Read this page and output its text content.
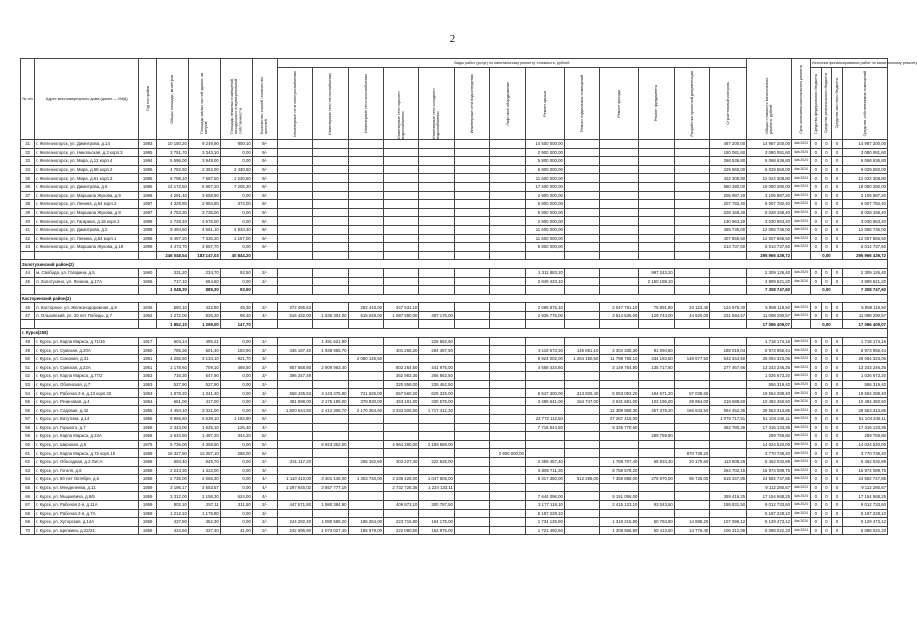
2
№ п/п	Адрес многоквартирного дома (далее — МКД)	Год постройки	Общая площадь, кв.метров	Площадь жилых частей здания, кв. метров	Площадь нежилых помещений, находящихся в муниципальной собственности	Количество этажей / количество жителей	Виды работ (услуг) по капитальному ремонту, стоимость, рублей													Общая стоимость капитального ремонта, рублей	Срок окончания капитального ремонта	Источник финансирования работ по капитальному ремонту			

							Инженерные сети электроснабжения	Инженерные сети теплоснабжения	Инженерные сети газоснабжения	Инженерные сети горячего водоснабжения	Инженерные сети холодного водоснабжения	Инженерные сети водоотведения	Лифтовое оборудование	Ремонт крыши	Ремонт подвальных помещений	Ремонт фасада	Ремонт фундамента	Разработка проектной документации	Строительный контроль			Средства федерального бюджета	Средства регионального бюджета	Средства местного бюджета	Средства собственников помещений

31	г. Железногорск, ул. Димитрова, д.14	1993	10 150,20	9 249,90	900,10	9/-								14 500 000,00					487 200,00	14 987 200,00	4кв.2024	0	0	0	14 987 200,00
32	г. Железногорск, ул. Никольская, д.3 корп.3	1985	3 751,70	3 343,10	0,00	9/-								2 900 000,00					180 081,60	3 080 081,60	4кв.2024	0	0	0	3 080 081,60
33	г. Железногорск, ул. Мира, д.12 корп.4	1994	5 596,00	3 949,00	0,00	9/-								5 800 000,00					268 636,80	6 068 636,80	4кв.2024	0	0	0	6 068 636,80
34	г. Железногорск, ул. Мира, д.58 корп.2	1995	4 782,50	2 352,00	2 430,50	9/-								5 800 000,00					229 560,00	6 029 560,00	4кв.2024	0	0	0	6 029 560,00
35	г. Железногорск, ул. Мира, д.61 корп.3	1995	8 798,10	7 567,50	1 230,60	9/-								11 600 000,00					422 308,80	12 022 308,80	4кв.2024	0	0	0	12 022 308,80
36	г. Железногорск, ул. Димитрова, д.6	1986	14 172,50	6 967,20	7 205,30	9/-								17 400 000,00					680 280,00	18 080 280,00	4кв.2024	0	0	0	18 080 280,00
37	г. Железногорск, ул. Маршала Жукова, д.9	1996	4 291,40	3 658,90	0,00	9/-								2 900 000,00					205 987,20	3 105 987,20	4кв.2024	0	0	0	3 105 987,20
38	г. Железногорск, ул. Ленина, д.64 корп.2	1997	4 329,80	2 954,80	374,00	9/-								5 800 000,00					207 782,40	6 007 782,40	4кв.2024	0	0	0	6 007 782,40
39	г. Железногорск, ул. Маршала Жукова, д.8	1997	4 753,30	3 735,00	0,00	9/-								5 800 000,00					228 158,40	6 028 158,40	4кв.2024	0	0	0	6 028 158,40
40	г. Железногорск, ул. Гагарина, д.18 корп.2	1998	2 728,40	2 576,00	0,00	9/-								2 900 000,00					130 963,20	3 030 963,20	4кв.2024	0	0	0	3 030 963,20
41	г. Железногорск, ул. Димитрова, д.2	1998	9 494,50	4 661,10	4 833,40	9/-								11 600 000,00					455 736,00	12 055 736,00	4кв.2024	0	0	0	12 055 736,00
42	г. Железногорск, ул. Ленина, д.64 корп.1	1998	8 497,20	7 330,20	1 167,00	9/-								11 600 000,00					407 865,60	12 007 865,60	4кв.2024	0	0	0	12 007 865,60
43	г. Железногорск, ул. Маршала Жукова, д.18	1999	4 473,70	3 967,70	0,00	9/-								5 800 000,00					214 737,60	6 014 737,60	4кв.2024	0	0	0	6 014 737,60
			246 048,54	183 147,03	40 844,20															295 966 439,72		0,00			295 966 439,72
Золотухинский район(2)																									
44	м. Свобода, ул. Гагарина, д.5	1960	331,20	234,70	93,50	2/-								1 311 883,20			997 243,20			2 309 126,40	4кв.2024	0	0	0	2 309 126,40
45	п. Золотухино, ул. Ленина, д.17А	1965	717,10	654,60	0,00	2/-								2 849 433,10			2 150 188,10			4 999 621,20	4кв.2024	0	0	0	4 999 621,20
			1 048,30	889,30	93,50															7 308 747,60		0,00			7 308 747,60
Касторенский район(2)																									
46	п. Касторное, ул. Железнодорожная, д.9	1936	580,10	432,80	49,30	2/-	372 495,63		292 443,00	347 531,10				2 098 876,10		2 047 781,10	75 891,80	23 123,40	124 976,40	5 988 118,50	4кв.2024	0	0	0	5 988 118,50
47	п. Ольховский, ул. 20 лет Победы, д.7	1962	1 272,00	836,20	98,40	4/-	516 432,00	1 535 304,00	615 648,00	1 087 580,00	487 176,00			2 935 776,00		3 514 536,00	129 744,00	44 520,00	231 594,57	11 098 290,57	4кв.2024	0	0	0	11 098 290,57
			1 852,10	1 269,00	147,70															17 086 409,07		0,00			17 086 409,07
г. Курск(258)																									
48	г. Курск, ул. Карла Маркса, д.71/16	1917	604,14	495,21	0,00	1/-		1 491 621,90			226 552,50									1 718 174,16	4кв.2024	0	0	0	1 718 174,16
49	г. Курск, ул. Сумская, д.20А	1950	785,36	601,40	183,90	2/-	436 197,40	1 938 955,70		401 268,20	294 487,50			3 119 573,30	145 651,10	2 304 335,30	91 094,80		188 019,04	8 973 955,44	4кв.2024	0	0	0	8 973 955,44
50	г. Курск, ул. Союзная, д.31	1951	4 256,50	3 134,10	921,70	3/-			2 080 145,60					9 924 002,00	1 264 180,50	11 798 785,10	434 183,50	148 677,50	542 344,50	26 094 323,06	4кв.2024	0	0	0	26 094 323,06
51	г. Курск, ул. Сумская, д.22А	1951	1 178,60	709,10	469,50	2/-	857 658,80	2 909 963,40		802 264,60	441 975,00			4 668 434,60		3 149 764,80	135 717,60		277 467,66	13 243 246,26	4кв.2024	0	0	0	13 243 246,26
52	г. Курск, ул. Карла Маркса, д.77/2	1953	716,30	547,90	0,00	2/-	396 347,49			362 983,30	266 862,50									1 026 673,20	4кв.2024	0	0	0	1 026 673,20
53	г. Курск, ул. Обоянская, д.7	1953	527,90	527,90	0,00	2/-				320 858,00	235 462,50									556 319,40	4кв.2024	0	0	0	556 319,40
54	г. Курск, ул. Рабочая 2-я, д.13 корп.32	1953	1 878,20	1 341,40	0,00	3/-	558 435,53	4 143 475,80	721 626,00	657 560,20	629 325,00			6 647 300,00	313 825,40	5 053 093,20	194 671,20	57 038,60		19 554 289,40	4кв.2024	0	0	0	19 554 289,40
55	г. Курск, ул. Резиновая, д.4	1954	661,00	417,00	0,00	2/-	481 598,00	2 175 189,00	379 830,00	453 191,00	330 575,00			3 489 641,00	164 747,00	2 631 681,00	102 196,00	29 954,00	218 688,60	10 484 450,60	4кв.2024	0	0	0	10 484 450,60
56	г. Курск, ул. Садовая, д.42	1955	4 494,10	3 321,00	0,00	5/-	1 820 544,50	2 412 308,70	2 170 354,60	3 333 505,50	1 717 412,30					12 389 958,30	457 378,20	166 643,50	594 452,36	28 553 313,85	4кв.2024	0	0	0	28 553 313,85
57	г. Курск, ул. Ватутина, д.14	1956	9 866,60	5 639,10	1 183,90	5/-								22 772 112,50		27 267 415,00			1 079 717,51	51 104 246,11	4кв.2024	0	0	0	51 104 246,11
58	г. Курск, ул. Горького, д.7	1958	2 343,00	1 625,10	126,40	4/-								7 716 644,50		9 336 770,60			362 780,36	17 316 133,35	4кв.2024	0	0	0	17 316 133,35
59	г. Курск, ул. Карла Маркса, д.23А	1958	2 634,90	1 487,20	344,20	5/-											289 759,80			289 759,80	4кв.2024	0	0	0	289 759,80
60	г. Курск, ул. Широкая, д.5	1975	5 736,00	4 359,50	0,00	5/-		6 923 352,00		4 964 280,00	2 199 888,00									14 024 520,00	4кв.2024	0	0	0	14 024 520,00
61	г. Курск, ул. Карла Маркса, д.72 корп.16	1959	16 327,90	13 357,10	288,00	5/-							2 900 000,00					870 739,20		3 770 739,20	4кв.2024	0	0	0	3 770 739,20
62	г. Курск, ул. Объездная, д.2 Лит.А	1958	593,40	545,70	0,00	2/-	331 117,20		255 162,60	303 227,40	222 525,00			2 359 457,40		1 788 707,40	68 834,40	20 175,60	113 808,29	5 462 032,89	4кв.2024	0	0	0	5 462 032,89
63	г. Курск, ул. Гоголя, д.6	1959	2 243,30	1 322,00	0,00	3/-								6 885 711,30		8 758 578,20			264 702,15	15 974 089,75	4кв.2024	0	0	0	15 974 089,75
64	г. Курск, ул. 50 лет Октября, д.6	1959	2 735,00	2 066,30	0,00	4/-	1 110 410,00	3 301 145,00	1 303 740,00	2 336 425,00	1 047 505,00			8 317 350,00	512 295,00	7 359 888,00	276 970,00	95 725,00	515 347,85	24 692 747,85	4кв.2024	0	0	0	24 692 747,85
65	г. Курск, ул. Менделеева, д.11	1959	3 196,17	2 653,57	0,00	4/-	1 297 645,02	3 857 777,19		2 732 725,35	1 224 133,11									9 112 280,67	4кв.2024	0	0	0	9 112 280,67
66	г. Курск, ул. Мыцкевича, д.8/5	1959	3 312,00	2 156,30	624,00	4/-								7 644 096,00		9 151 056,00			359 416,25	17 154 568,25	4кв.2024	0	0	0	17 154 568,25
67	г. Курск, ул. Рабочая 2-я, д.11А	1959	802,10	257,11	311,50	2/-	447 571,80	1 980 384,90		409 873,10	300 787,50			3 177 118,10		2 415 123,10	93 043,60		188 831,50	9 012 733,60	4кв.2024	0	0	0	9 012 733,60
68	г. Курск, ул. Рабочая 2-я, д.7А	1959	1 212,10	1 176,80	0,00	3/-								5 197 228,10						5 197 228,10	4кв.2024	0	0	0	5 197 228,10
69	г. Курск, ул. Хуторская, д.14А	1959	437,80	352,30	0,00	2/-	244 282,40	1 080 589,20	186 254,00	223 715,80	164 175,00			1 734 125,80		1 318 215,80	50 784,80	14 885,20	107 096,12	5 129 473,12	4кв.2024	0	0	0	5 129 473,12
70	г. Курск, ул. Щепкина, д.22/24	1959	434,60	337,40	41,00	2/-	242 596,80	1 073 027,40	185 979,00	222 080,60	162 975,00			1 721 450,60		1 308 565,80	50 413,60	14 776,40	106 312,98	5 088 022,33	4кв.2024	0	0	0	5 088 022,33
